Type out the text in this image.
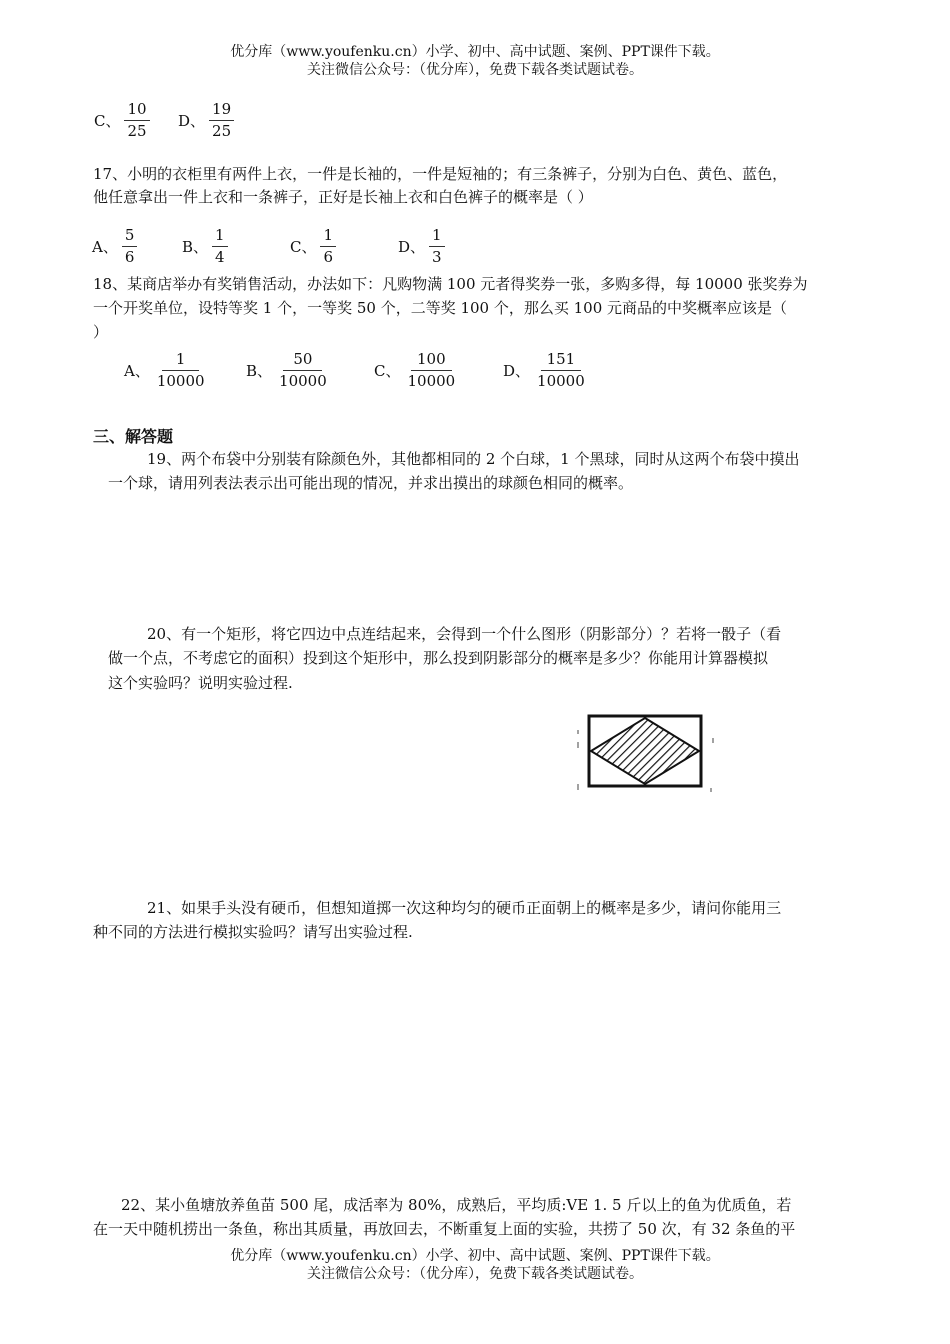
优分库（www.youfenku.cn）小学、初中、高中试题、案例、PPT课件下载。
关注微信公众号：（优分库），免费下载各类试题试卷。
C、 $\frac{10}{25}$ D、 $\frac{19}{25}$
17、小明的衣柜里有两件上衣，一件是长袖的，一件是短袖的；有三条裤子，分别为白色、黄色、蓝色，
他任意拿出一件上衣和一条裤子，正好是长袖上衣和白色裤子的概率是（ ）
A、 $\frac{5}{6}$	B、 $\frac{1}{4}$	C、 $\frac{1}{6}$	D、 $\frac{1}{3}$
18、某商店举办有奖销售活动，办法如下：凡购物满 100 元者得奖券一张，多购多得，每 10000 张奖券为
一个开奖单位，设特等奖 1 个，一等奖 50 个，二等奖 100 个，那么买 100 元商品的中奖概率应该是（
）
A、 $\frac{1}{10000}$	B、 $\frac{50}{10000}$	C、 $\frac{100}{10000}$	D、 $\frac{151}{10000}$
三、解答题
19、两个布袋中分别装有除颜色外，其他都相同的 2 个白球，1 个黑球，同时从这两个布袋中摸出
一个球，请用列表法表示出可能出现的情况，并求出摸出的球颜色相同的概率。
20、有一个矩形，将它四边中点连结起来，会得到一个什么图形（阴影部分）？若将一骰子（看
做一个点，不考虑它的面积）投到这个矩形中，那么投到阴影部分的概率是多少？你能用计算器模拟
这个实验吗？说明实验过程.
21、如果手头没有硬币，但想知道掷一次这种均匀的硬币正面朝上的概率是多少，请问你能用三
种不同的方法进行模拟实验吗？请写出实验过程.
22、某小鱼塘放养鱼苗 500 尾，成活率为 80%，成熟后，平均质:VE 1. 5 斤以上的鱼为优质鱼，若
在一天中随机捞出一条鱼，称出其质量，再放回去，不断重复上面的实验，共捞了 50 次，有 32 条鱼的平
优分库（www.youfenku.cn）小学、初中、高中试题、案例、PPT课件下载。
关注微信公众号：（优分库），免费下载各类试题试卷。
